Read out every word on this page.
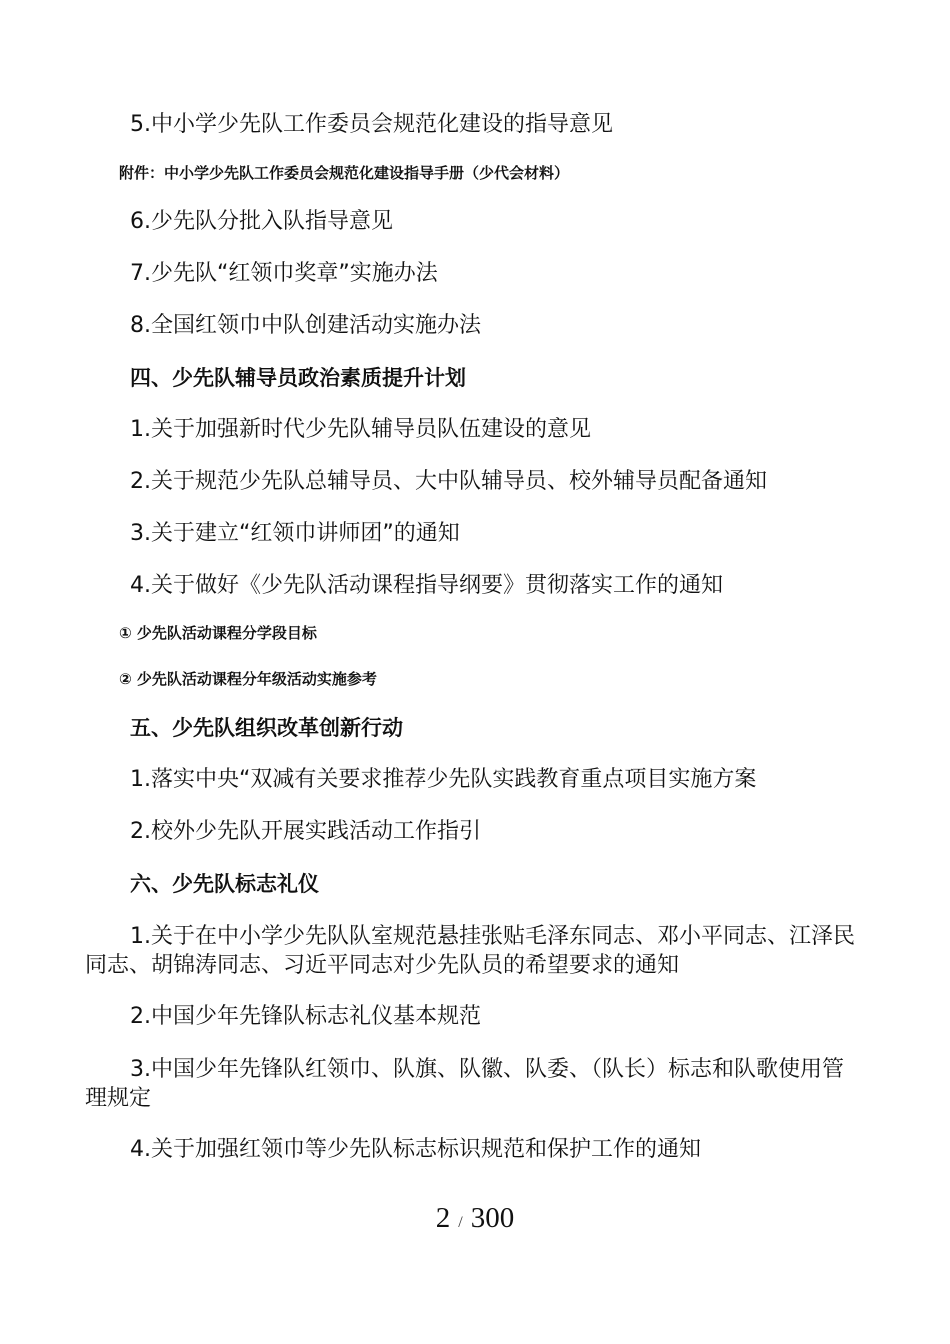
5.中小学少先队工作委员会规范化建设的指导意见

附件：中小学少先队工作委员会规范化建设指导手册（少代会材料）

6.少先队分批入队指导意见

7.少先队“红领巾奖章”实施办法

8.全国红领巾中队创建活动实施办法

四、少先队辅导员政治素质提升计划

1.关于加强新时代少先队辅导员队伍建设的意见

2.关于规范少先队总辅导员、大中队辅导员、校外辅导员配备通知

3.关于建立“红领巾讲师团”的通知

4.关于做好《少先队活动课程指导纲要》贯彻落实工作的通知

① 少先队活动课程分学段目标

② 少先队活动课程分年级活动实施参考

五、少先队组织改革创新行动

1.落实中央“双减有关要求推荐少先队实践教育重点项目实施方案

2.校外少先队开展实践活动工作指引

六、少先队标志礼仪

1.关于在中小学少先队队室规范悬挂张贴毛泽东同志、邓小平同志、江泽民同志、胡锦涛同志、习近平同志对少先队员的希望要求的通知

2.中国少年先锋队标志礼仪基本规范

3.中国少年先锋队红领巾、队旗、队徽、队委、（队长）标志和队歌使用管理规定

4.关于加强红领巾等少先队标志标识规范和保护工作的通知

2 / 300
